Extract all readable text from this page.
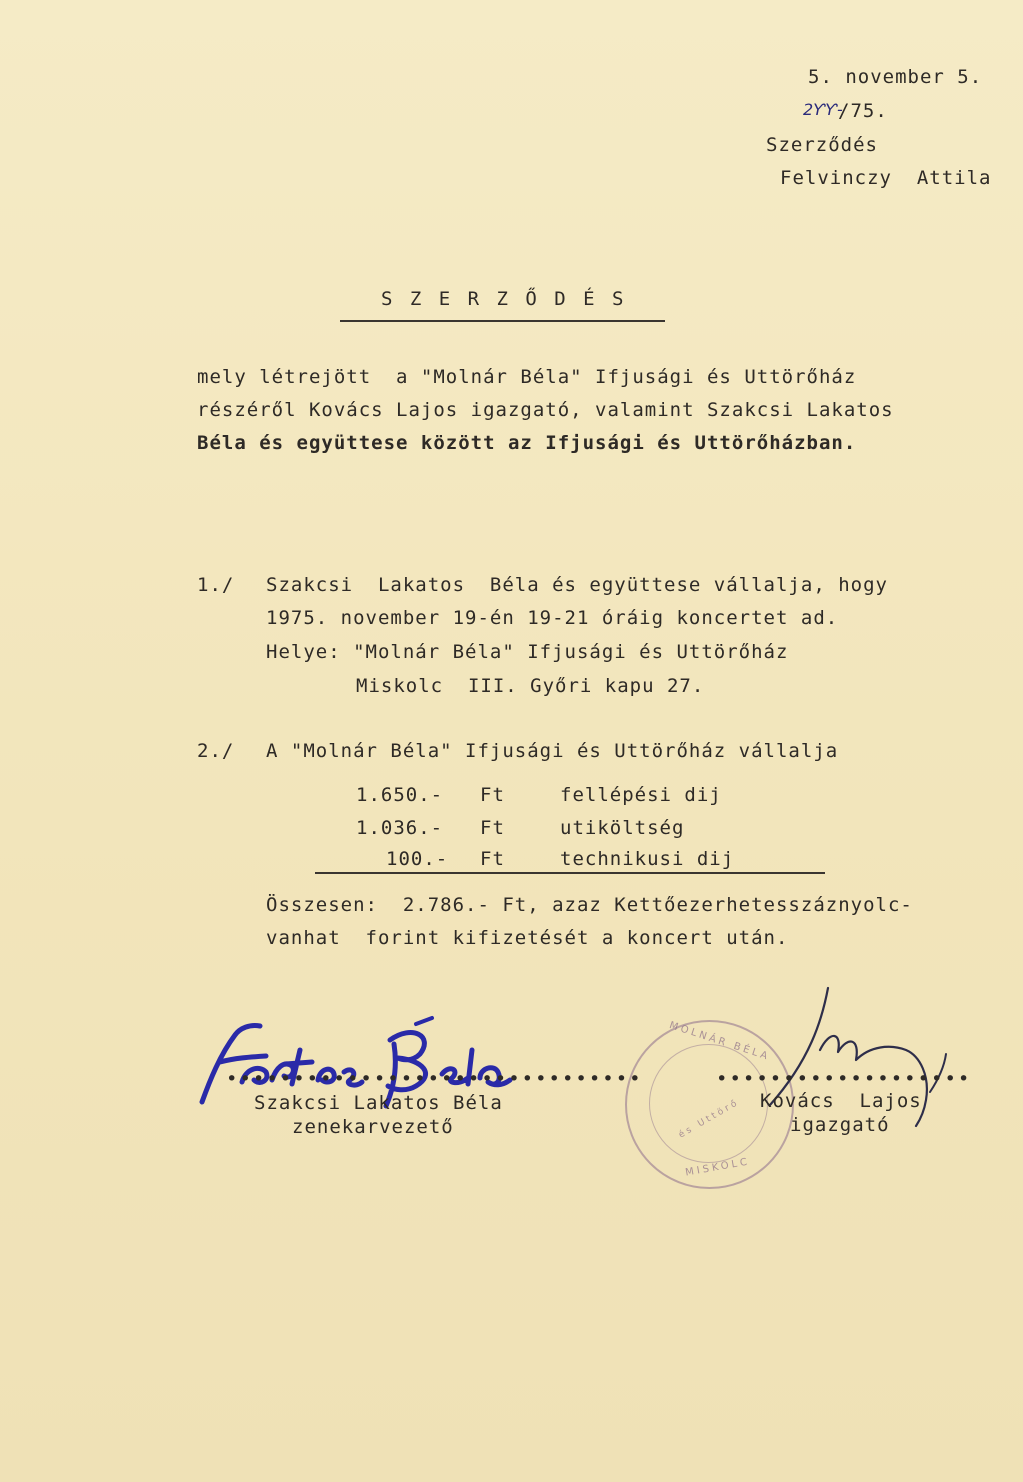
5. november 5.
2ƳƳ-
/75.
Szerződés
Felvinczy  Attila
S Z E R Z Ő D É S
mely létrejött  a "Molnár Béla" Ifjusági és Uttörőház
részéről Kovács Lajos igazgató, valamint Szakcsi Lakatos
Béla és együttese között az Ifjusági és Uttörőházban.
1./ Szakcsi  Lakatos  Béla és együttese vállalja, hogy
1975. november 19-én 19-21 óráig koncertet ad.
Helye: "Molnár Béla" Ifjusági és Uttörőház
Miskolc  III. Győri kapu 27.
2./ A "Molnár Béla" Ifjusági és Uttörőház vállalja
1.650.- Ft	fellépési dij
1.036.- Ft	utiköltség
100.- Ft	technikusi dij
Összesen:  2.786.- Ft, azaz Kettőezerhetesszáznyolc-
vanhat  forint kifizetését a koncert után.
MOLNÁR BÉLA
és Uttörő
MISKOLC
•••••••••••••••••••••••••••••••
Szakcsi Lakatos Béla
zenekarvezető
•••••••••••••••••••
Kovács  Lajos
igazgató
